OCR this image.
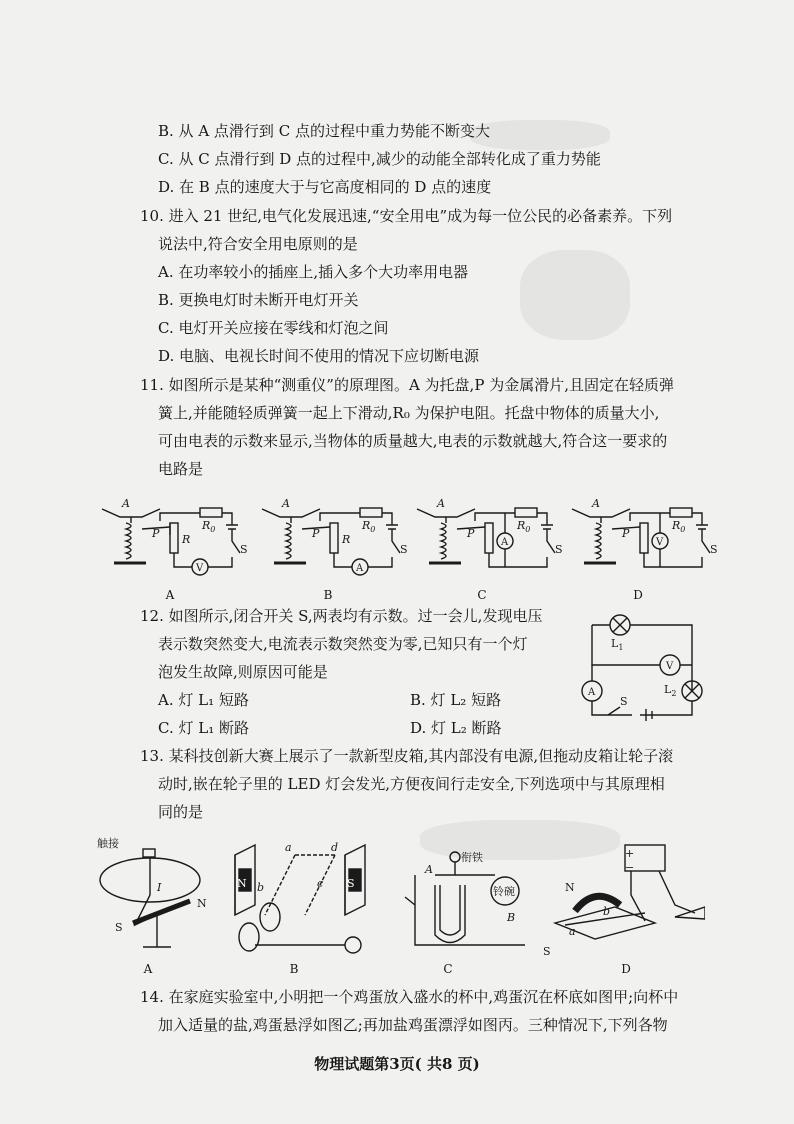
B. 从 A 点滑行到 C 点的过程中重力势能不断变大
C. 从 C 点滑行到 D 点的过程中,减少的动能全部转化成了重力势能
D. 在 B 点的速度大于与它高度相同的 D 点的速度
10. 进入 21 世纪,电气化发展迅速,“安全用电”成为每一位公民的必备素养。下列
说法中,符合安全用电原则的是
A. 在功率较小的插座上,插入多个大功率用电器
B. 更换电灯时未断开电灯开关
C. 电灯开关应接在零线和灯泡之间
D. 电脑、电视长时间不使用的情况下应切断电源
11. 如图所示是某种“测重仪”的原理图。A 为托盘,P 为金属滑片,且固定在轻质弹
簧上,并能随轻质弹簧一起上下滑动,R₀ 为保护电阻。托盘中物体的质量大小,
可由电表的示数来显示,当物体的质量越大,电表的示数就越大,符合这一要求的
电路是
A
P R
$R_0$
S
V
A
P R
$R_0$
S
A
A
P
$R_0$
S
A
A
P
$R_0$
S
V
A	B	C	D
12. 如图所示,闭合开关 S,两表均有示数。过一会儿,发现电压
表示数突然变大,电流表示数突然变为零,已知只有一个灯
泡发生故障,则原因可能是
A. 灯 L₁ 短路	B. 灯 L₂ 短路
C. 灯 L₁ 断路	D. 灯 L₂ 断路
$L_1$
V
A	$L_2$
S
13. 某科技创新大赛上展示了一款新型皮箱,其内部没有电源,但拖动皮箱让轮子滚
动时,嵌在轮子里的 LED 灯会发光,方便夜间行走安全,下列选项中与其原理相
同的是
触接
I
N
S
a
b	c
d
N	S
衔铁
铃碗
A
B
+
−
N
b
a
S
A	B	C	D
14. 在家庭实验室中,小明把一个鸡蛋放入盛水的杯中,鸡蛋沉在杯底如图甲;向杯中
加入适量的盐,鸡蛋悬浮如图乙;再加盐鸡蛋漂浮如图丙。三种情况下,下列各物
物理试题第3页( 共8 页)
